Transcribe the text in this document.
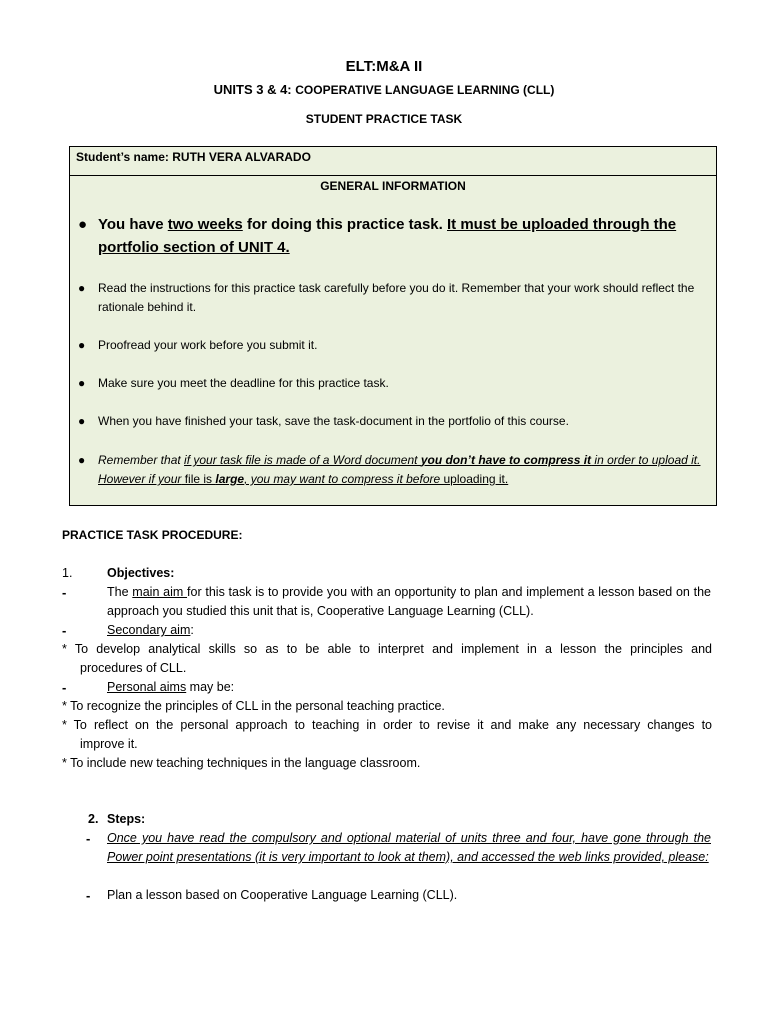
ELT:M&A II
UNITS 3 & 4: COOPERATIVE LANGUAGE LEARNING (CLL)
STUDENT PRACTICE TASK
Student’s name: RUTH VERA ALVARADO
GENERAL INFORMATION
● You have two weeks for doing this practice task. It must be uploaded through the portfolio section of UNIT 4.
● Read the instructions for this practice task carefully before you do it. Remember that your work should reflect the rationale behind it.
● Proofread your work before you submit it.
● Make sure you meet the deadline for this practice task.
● When you have finished your task, save the task-document in the portfolio of this course.
● Remember that if your task file is made of a Word document you don’t have to compress it in order to upload it. However if your file is large, you may want to compress it before uploading it.
PRACTICE TASK PROCEDURE:
1.	Objectives:
-	The main aim for this task is to provide you with an opportunity to plan and implement a lesson based on the approach you studied this unit that is, Cooperative Language Learning (CLL).
-	Secondary aim:
* To develop analytical skills so as to be able to interpret and implement in a lesson the principles and
procedures of CLL.
-	Personal aims may be:
* To recognize the principles of CLL in the personal teaching practice.
* To reflect on the personal approach to teaching in order to revise it and make any necessary changes to
improve it.
* To include new teaching techniques in the language classroom.
2. Steps:
- Once you have read the compulsory and optional material of units three and four, have gone through the Power point presentations (it is very important to look at them), and accessed the web links provided, please:
- Plan a lesson based on Cooperative Language Learning (CLL).
